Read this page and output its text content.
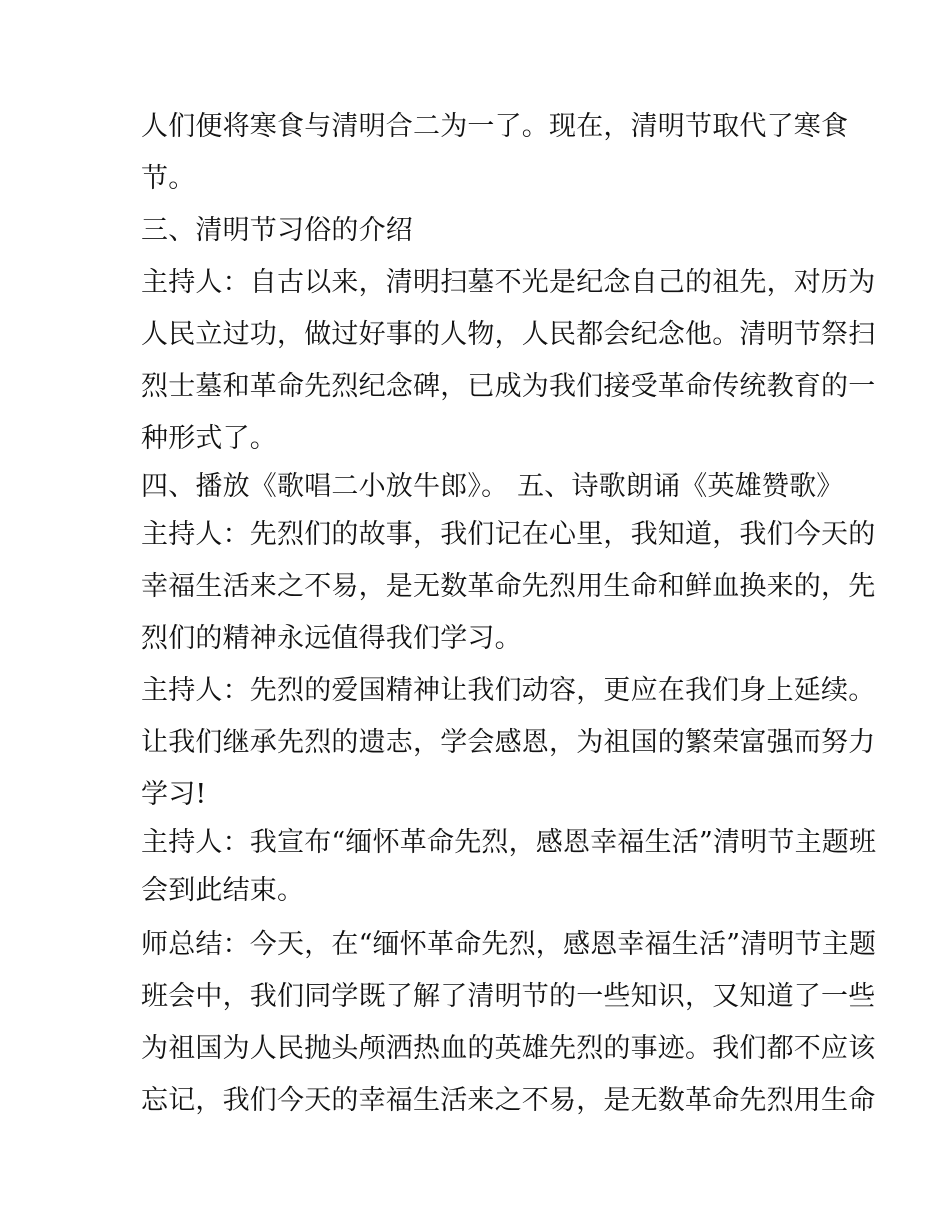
人们便将寒食与清明合二为一了。现在，清明节取代了寒食
节。
三、清明节习俗的介绍
主持人：自古以来，清明扫墓不光是纪念自己的祖先，对历为
人民立过功，做过好事的人物，人民都会纪念他。清明节祭扫
烈士墓和革命先烈纪念碑，已成为我们接受革命传统教育的一
种形式了。
四、播放《歌唱二小放牛郎》。 五、诗歌朗诵《英雄赞歌》
主持人：先烈们的故事，我们记在心里，我知道，我们今天的
幸福生活来之不易，是无数革命先烈用生命和鲜血换来的，先
烈们的精神永远值得我们学习。
主持人：先烈的爱国精神让我们动容，更应在我们身上延续。
让我们继承先烈的遗志，学会感恩，为祖国的繁荣富强而努力
学习!
主持人：我宣布“缅怀革命先烈，感恩幸福生活”清明节主题班
会到此结束。
师总结：今天，在“缅怀革命先烈，感恩幸福生活”清明节主题
班会中，我们同学既了解了清明节的一些知识，又知道了一些
为祖国为人民抛头颅洒热血的英雄先烈的事迹。我们都不应该
忘记，我们今天的幸福生活来之不易，是无数革命先烈用生命
